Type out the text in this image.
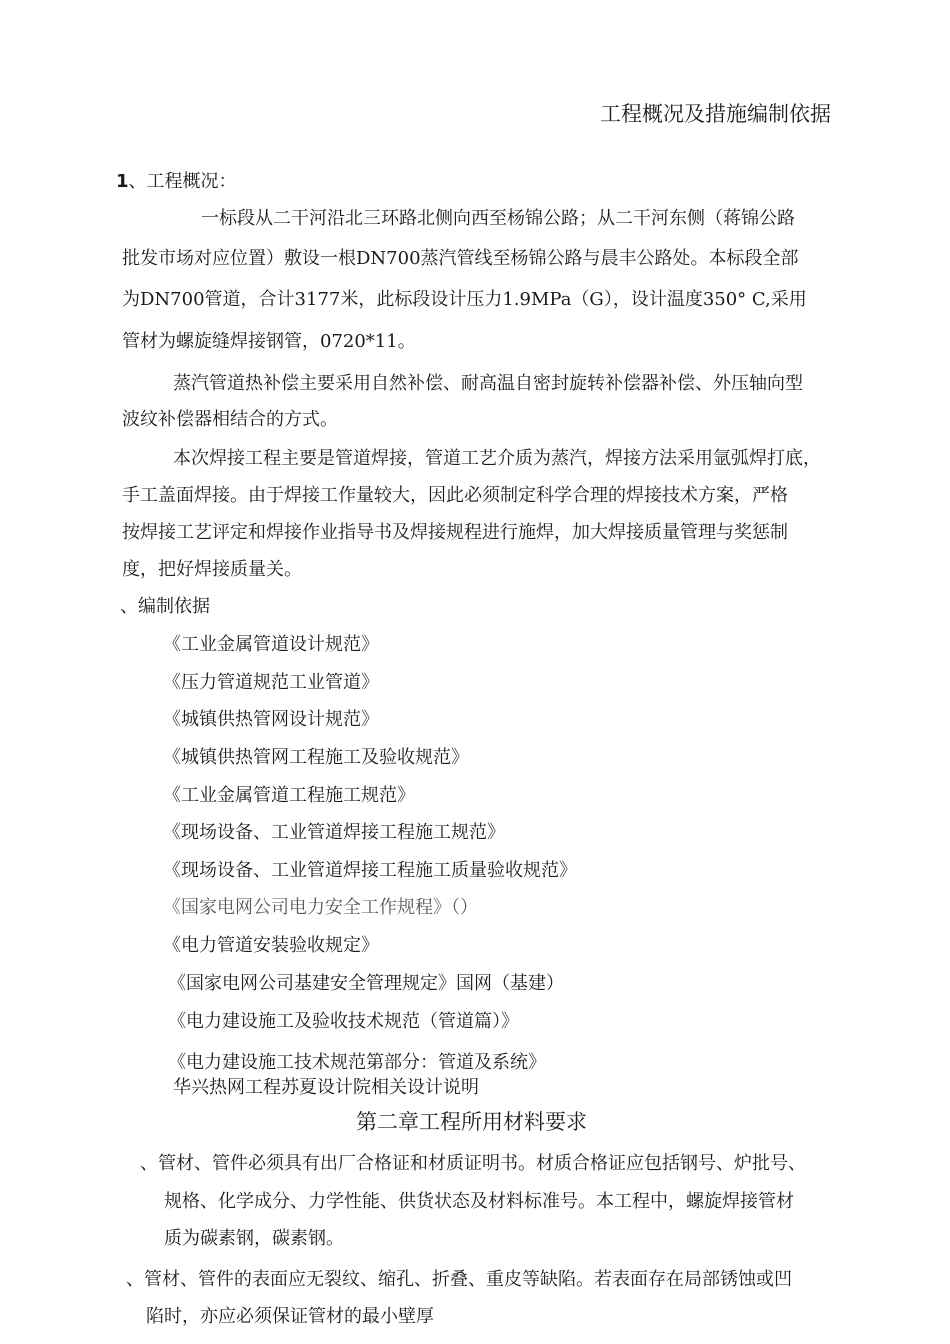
工程概况及措施编制依据
1、工程概况：
一标段从二干河沿北三环路北侧向西至杨锦公路；从二干河东侧（蒋锦公路
批发市场对应位置）敷设一根DN700蒸汽管线至杨锦公路与晨丰公路处。本标段全部
为DN700管道，合计3177米，此标段设计压力1.9MPa（G），设计温度350° C,采用
管材为螺旋缝焊接钢管，0720*11。
蒸汽管道热补偿主要采用自然补偿、耐高温自密封旋转补偿器补偿、外压轴向型
波纹补偿器相结合的方式。
本次焊接工程主要是管道焊接，管道工艺介质为蒸汽，焊接方法采用氩弧焊打底，
手工盖面焊接。由于焊接工作量较大，因此必须制定科学合理的焊接技术方案，严格
按焊接工艺评定和焊接作业指导书及焊接规程进行施焊，加大焊接质量管理与奖惩制
度，把好焊接质量关。
、编制依据
《工业金属管道设计规范》
《压力管道规范工业管道》
《城镇供热管网设计规范》
《城镇供热管网工程施工及验收规范》
《工业金属管道工程施工规范》
《现场设备、工业管道焊接工程施工规范》
《现场设备、工业管道焊接工程施工质量验收规范》
《国家电网公司电力安全工作规程》（）
《电力管道安装验收规定》
《国家电网公司基建安全管理规定》国网（基建）
《电力建设施工及验收技术规范（管道篇）》
《电力建设施工技术规范第部分：管道及系统》
华兴热网工程苏夏设计院相关设计说明
第二章工程所用材料要求
、管材、管件必须具有出厂合格证和材质证明书。材质合格证应包括钢号、炉批号、
规格、化学成分、力学性能、供货状态及材料标准号。本工程中，螺旋焊接管材
质为碳素钢，碳素钢。
、管材、管件的表面应无裂纹、缩孔、折叠、重皮等缺陷。若表面存在局部锈蚀或凹
陷时，亦应必须保证管材的最小壁厚
